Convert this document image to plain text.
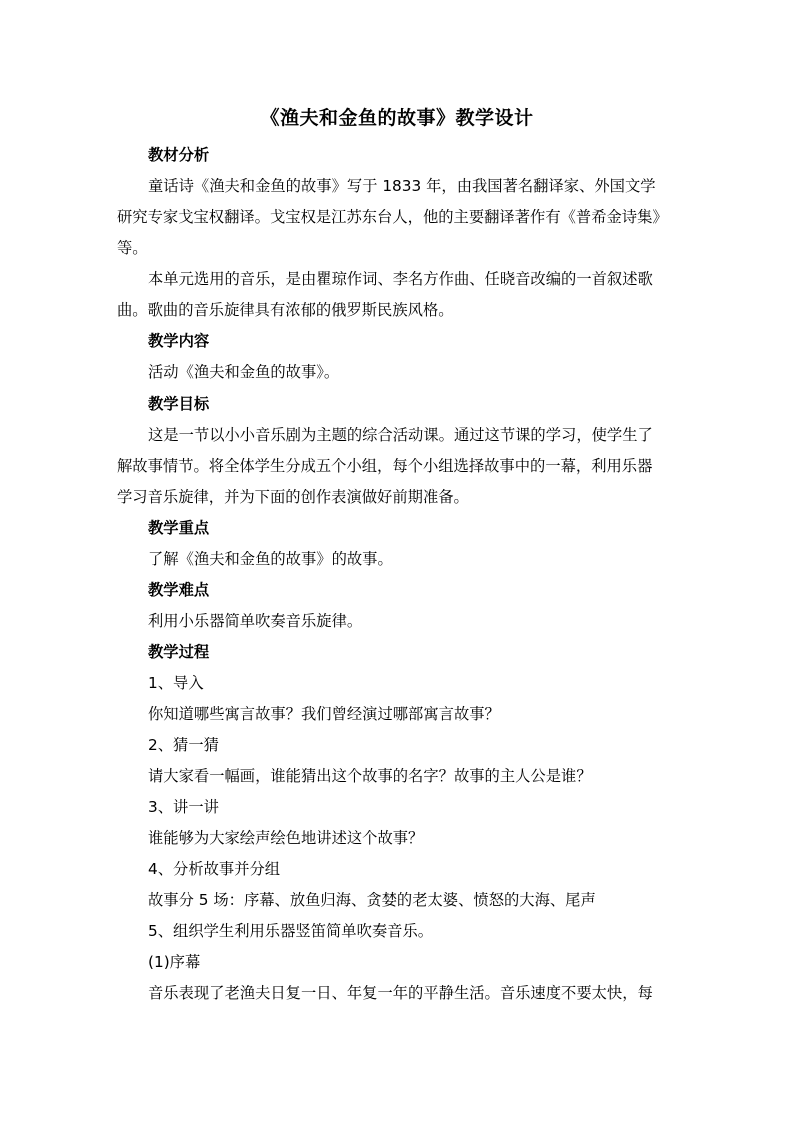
《渔夫和金鱼的故事》教学设计
教材分析
童话诗《渔夫和金鱼的故事》写于 1833 年，由我国著名翻译家、外国文学
研究专家戈宝权翻译。戈宝权是江苏东台人，他的主要翻译著作有《普希金诗集》
等。
本单元选用的音乐，是由瞿琼作词、李名方作曲、任晓音改编的一首叙述歌
曲。歌曲的音乐旋律具有浓郁的俄罗斯民族风格。
教学内容
活动《渔夫和金鱼的故事》。
教学目标
这是一节以小小音乐剧为主题的综合活动课。通过这节课的学习，使学生了
解故事情节。将全体学生分成五个小组，每个小组选择故事中的一幕，利用乐器
学习音乐旋律，并为下面的创作表演做好前期准备。
教学重点
了解《渔夫和金鱼的故事》的故事。
教学难点
利用小乐器简单吹奏音乐旋律。
教学过程
1、导入
你知道哪些寓言故事？我们曾经演过哪部寓言故事？
2、猜一猜
请大家看一幅画，谁能猜出这个故事的名字？故事的主人公是谁？
3、讲一讲
谁能够为大家绘声绘色地讲述这个故事？
4、分析故事并分组
故事分 5 场：序幕、放鱼归海、贪婪的老太婆、愤怒的大海、尾声
5、组织学生利用乐器竖笛简单吹奏音乐。
(1)序幕
音乐表现了老渔夫日复一日、年复一年的平静生活。音乐速度不要太快，每
